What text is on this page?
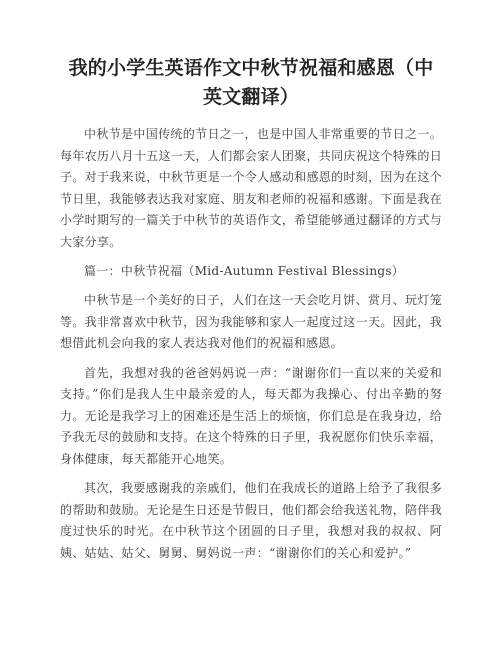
我的小学生英语作文中秋节祝福和感恩（中英文翻译）

中秋节是中国传统的节日之一，也是中国人非常重要的节日之一。每年农历八月十五这一天，人们都会家人团聚，共同庆祝这个特殊的日子。对于我来说，中秋节更是一个令人感动和感恩的时刻，因为在这个节日里，我能够表达我对家庭、朋友和老师的祝福和感谢。下面是我在小学时期写的一篇关于中秋节的英语作文，希望能够通过翻译的方式与大家分享。

篇一：中秋节祝福（Mid-Autumn Festival Blessings）

中秋节是一个美好的日子，人们在这一天会吃月饼、赏月、玩灯笼等。我非常喜欢中秋节，因为我能够和家人一起度过这一天。因此，我想借此机会向我的家人表达我对他们的祝福和感恩。

首先，我想对我的爸爸妈妈说一声：“谢谢你们一直以来的关爱和支持。”你们是我人生中最亲爱的人，每天都为我操心、付出辛勤的努力。无论是我学习上的困难还是生活上的烦恼，你们总是在我身边，给予我无尽的鼓励和支持。在这个特殊的日子里，我祝愿你们快乐幸福，身体健康，每天都能开心地笑。

其次，我要感谢我的亲戚们，他们在我成长的道路上给予了我很多的帮助和鼓励。无论是生日还是节假日，他们都会给我送礼物，陪伴我度过快乐的时光。在中秋节这个团圆的日子里，我想对我的叔叔、阿姨、姑姑、姑父、舅舅、舅妈说一声：“谢谢你们的关心和爱护。”
